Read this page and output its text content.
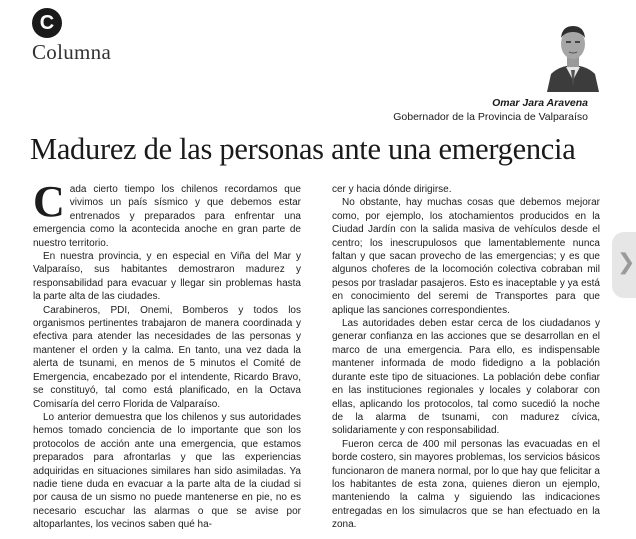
C
Columna
Omar Jara Aravena
Gobernador de la Provincia de Valparaíso
Madurez de las personas ante una emergencia

Cada cierto tiempo los chilenos recordamos que vivimos un país sísmico y que debemos estar entrenados y preparados para enfrentar una emergencia como la acontecida anoche en gran parte de nuestro territorio.

En nuestra provincia, y en especial en Viña del Mar y Valparaíso, sus habitantes demostraron madurez y responsabilidad para evacuar y llegar sin problemas hasta la parte alta de las ciudades.

Carabineros, PDI, Onemi, Bomberos y todos los organismos pertinentes trabajaron de manera coordinada y efectiva para atender las necesidades de las personas y mantener el orden y la calma. En tanto, una vez dada la alerta de tsunami, en menos de 5 minutos el Comité de Emergencia, encabezado por el intendente, Ricardo Bravo, se constituyó, tal como está planificado, en la Octava Comisaría del cerro Florida de Valparaíso.

Lo anterior demuestra que los chilenos y sus autoridades hemos tomado conciencia de lo importante que son los protocolos de acción ante una emergencia, que estamos preparados para afrontarlas y que las experiencias adquiridas en situaciones similares han sido asimiladas. Ya nadie tiene duda en evacuar a la parte alta de la ciudad si por causa de un sismo no puede mantenerse en pie, no es necesario escuchar las alarmas o que se avise por altoparlantes, los vecinos saben qué ha-

cer y hacia dónde dirigirse.

No obstante, hay muchas cosas que debemos mejorar como, por ejemplo, los atochamientos producidos en la Ciudad Jardín con la salida masiva de vehículos desde el centro; los inescrupulosos que lamentablemente nunca faltan y que sacan provecho de las emergencias; y es que algunos choferes de la locomoción colectiva cobraban mil pesos por trasladar pasajeros. Esto es inaceptable y ya está en conocimiento del seremi de Transportes para que aplique las sanciones correspondientes.

Las autoridades deben estar cerca de los ciudadanos y generar confianza en las acciones que se desarrollan en el marco de una emergencia. Para ello, es indispensable mantener informada de modo fidedigno a la población durante este tipo de situaciones. La población debe confiar en las instituciones regionales y locales y colaborar con ellas, aplicando los protocolos, tal como sucedió la noche de la alarma de tsunami, con madurez cívica, solidariamente y con responsabilidad.

Fueron cerca de 400 mil personas las evacuadas en el borde costero, sin mayores problemas, los servicios básicos funcionaron de manera normal, por lo que hay que felicitar a los habitantes de esta zona, quienes dieron un ejemplo, manteniendo la calma y siguiendo las indicaciones entregadas en los simulacros que se han efectuado en la zona.

❯
